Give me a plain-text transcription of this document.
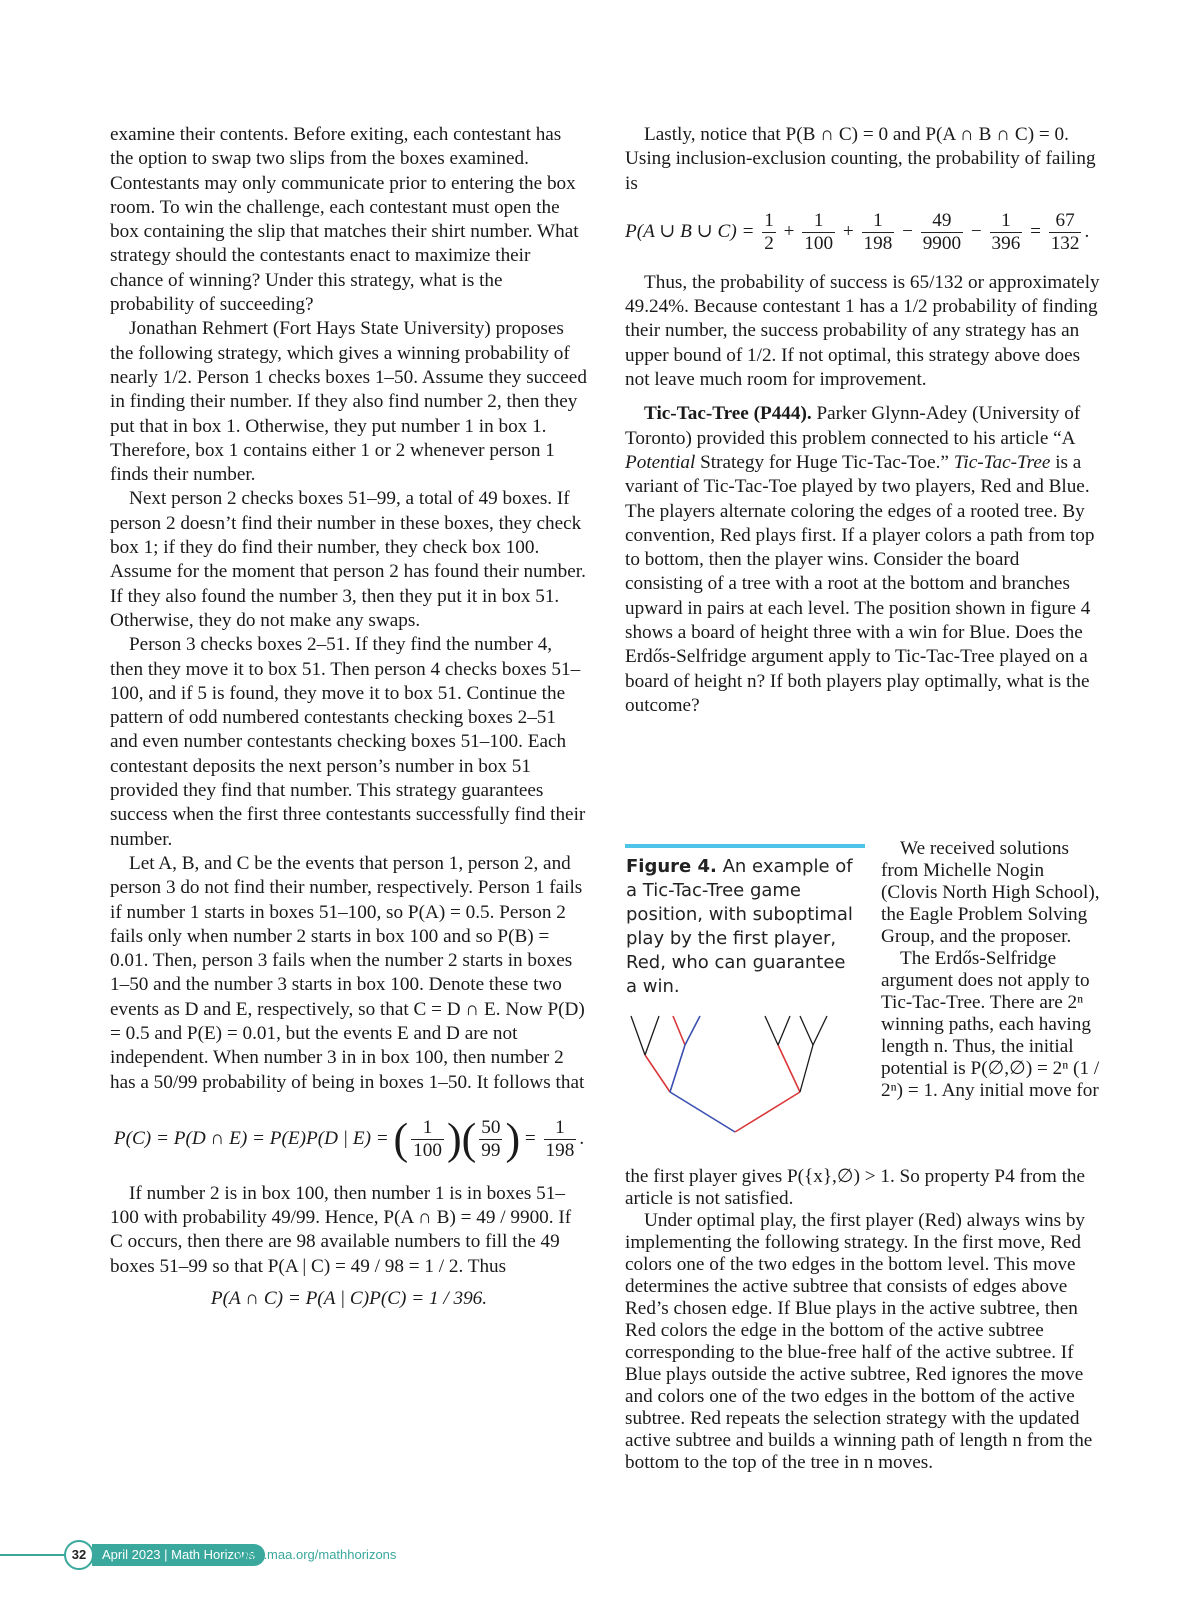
examine their contents. Before exiting, each contestant has the option to swap two slips from the boxes examined. Contestants may only communicate prior to entering the box room. To win the challenge, each contestant must open the box containing the slip that matches their shirt number. What strategy should the contestants enact to maximize their chance of winning? Under this strategy, what is the probability of succeeding?

Jonathan Rehmert (Fort Hays State University) proposes the following strategy, which gives a winning probability of nearly 1/2. Person 1 checks boxes 1–50. Assume they succeed in finding their number. If they also find number 2, then they put that in box 1. Otherwise, they put number 1 in box 1. Therefore, box 1 contains either 1 or 2 whenever person 1 finds their number.

Next person 2 checks boxes 51–99, a total of 49 boxes. If person 2 doesn’t find their number in these boxes, they check box 1; if they do find their number, they check box 100. Assume for the moment that person 2 has found their number. If they also found the number 3, then they put it in box 51. Otherwise, they do not make any swaps.

Person 3 checks boxes 2–51. If they find the number 4, then they move it to box 51. Then person 4 checks boxes 51–100, and if 5 is found, they move it to box 51. Continue the pattern of odd numbered contestants checking boxes 2–51 and even number contestants checking boxes 51–100. Each contestant deposits the next person’s number in box 51 provided they find that number. This strategy guarantees success when the first three contestants successfully find their number.

Let A, B, and C be the events that person 1, person 2, and person 3 do not find their number, respectively. Person 1 fails if number 1 starts in boxes 51–100, so P(A) = 0.5. Person 2 fails only when number 2 starts in box 100 and so P(B) = 0.01. Then, person 3 fails when the number 2 starts in boxes 1–50 and the number 3 starts in box 100. Denote these two events as D and E, respectively, so that C = D ∩ E. Now P(D) = 0.5 and P(E) = 0.01, but the events E and D are not independent. When number 3 in in box 100, then number 2 has a 50/99 probability of being in boxes 1–50. It follows that

P(C) = P(D ∩ E) = P(E)P(D | E) = ( $\frac{1}{100}$ )( $\frac{50}{99}$ ) = $\frac{1}{198}$ .

If number 2 is in box 100, then number 1 is in boxes 51–100 with probability 49/99. Hence, P(A ∩ B) = 49 / 9900. If C occurs, then there are 98 available numbers to fill the 49 boxes 51–99 so that P(A | C) = 49 / 98 = 1 / 2. Thus

P(A ∩ C) = P(A | C)P(C) = 1 / 396.

Lastly, notice that P(B ∩ C) = 0 and P(A ∩ B ∩ C) = 0. Using inclusion-exclusion counting, the probability of failing is

P(A ∪ B ∪ $C) = \frac{1}{2} + \frac{1}{100} + \frac{1}{198} - \frac{49}{9900} - \frac{1}{396} = \frac{67}{132}$ .

Thus, the probability of success is 65/132 or approximately 49.24%. Because contestant 1 has a 1/2 probability of finding their number, the success probability of any strategy has an upper bound of 1/2. If not optimal, this strategy above does not leave much room for improvement.

Tic-Tac-Tree (P444). Parker Glynn-Adey (University of Toronto) provided this problem connected to his article “A Potential Strategy for Huge Tic-Tac-Toe.” Tic-Tac-Tree is a variant of Tic-Tac-Toe played by two players, Red and Blue. The players alternate coloring the edges of a rooted tree. By convention, Red plays first. If a player colors a path from top to bottom, then the player wins. Consider the board consisting of a tree with a root at the bottom and branches upward in pairs at each level. The position shown in figure 4 shows a board of height three with a win for Blue. Does the Erdős-Selfridge argument apply to Tic-Tac-Tree played on a board of height n? If both players play optimally, what is the outcome?

Figure 4. An example of a Tic-Tac-Tree game position, with suboptimal play by the first player, Red, who can guarantee a win.

We received solutions from Michelle Nogin (Clovis North High School), the Eagle Problem Solving Group, and the proposer.

The Erdős-Selfridge argument does not apply to Tic-Tac-Tree. There are 2ⁿ winning paths, each having length n. Thus, the initial potential is P(∅,∅) = 2ⁿ (1 / 2ⁿ) = 1. Any initial move for

the first player gives P({x},∅) > 1. So property P4 from the article is not satisfied.

Under optimal play, the first player (Red) always wins by implementing the following strategy. In the first move, Red colors one of the two edges in the bottom level. This move determines the active subtree that consists of edges above Red’s chosen edge. If Blue plays in the active subtree, then Red colors the edge in the bottom of the active subtree corresponding to the blue-free half of the active subtree. If Blue plays outside the active subtree, Red ignores the move and colors one of the two edges in the bottom of the active subtree. Red repeats the selection strategy with the updated active subtree and builds a winning path of length n from the bottom to the top of the tree in n moves.

32	April 2023 | Math Horizons
www.maa.org/mathhorizons
